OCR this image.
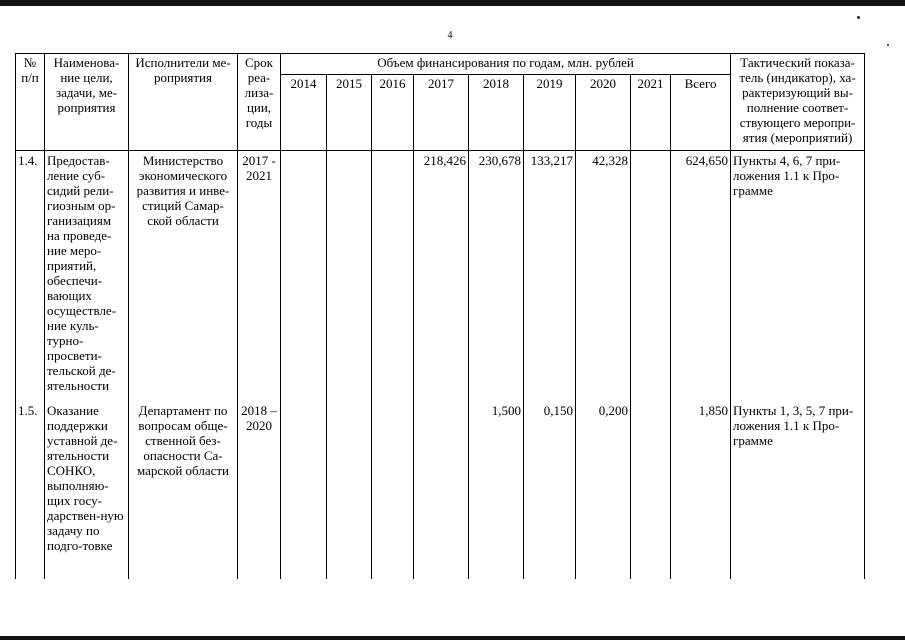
4
№ п/п	Наименова-ние цели, задачи, ме-роприятия	Исполнители ме-роприятия	Срок реа-лиза-ции, годы	Объем финансирования по годам, млн. рублей									Тактический показа-тель (индикатор), ха-рактеризующий вы-полнение соответ-ствующего меропри-ятия (мероприятий)
				2014	2015	2016	2017	2018	2019	2020	2021	Всего	
1.4.	Предостав-ление суб-сидий рели-гиозным ор-ганизациям на проведе-ние меро-приятий, обеспечи-вающих осуществле-ние куль-турно-просвети-тельской де-ятельности	Министерство экономического развития и инве-стиций Самар-ской области	2017 - 2021				218,426	230,678	133,217	42,328		624,650	Пункты 4, 6, 7 при-ложения 1.1 к Про-грамме
1.5.	Оказание поддержки уставной де-ятельности СОНКО, выполняю-щих госу-дарствен-ную задачу по подго-товке	Департамент по вопросам обще-ственной без-опасности Са-марской области	2018 – 2020					1,500	0,150	0,200		1,850	Пункты 1, 3, 5, 7 при-ложения 1.1 к Про-грамме
